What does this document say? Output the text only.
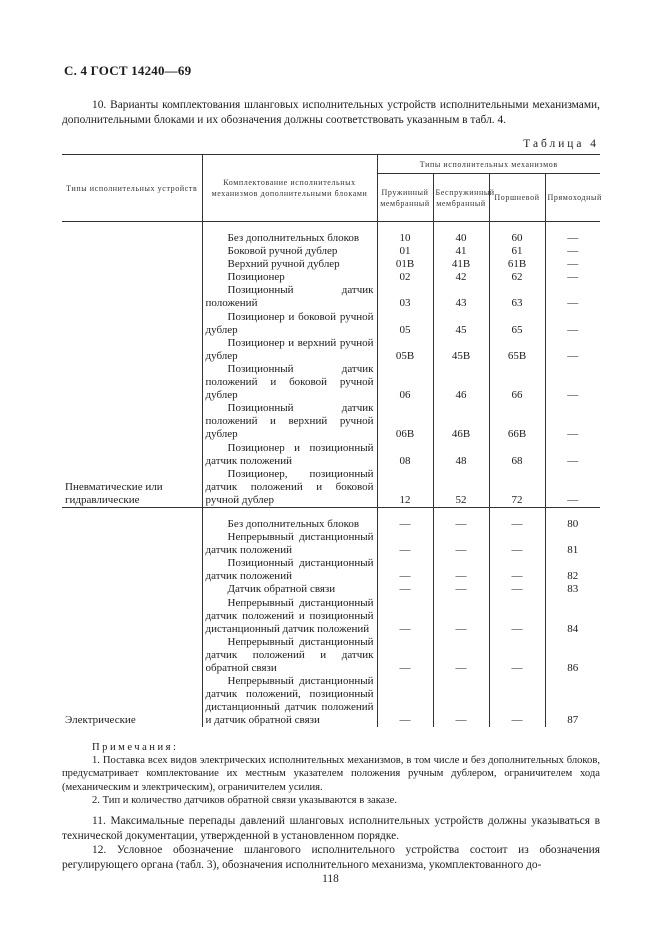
С. 4 ГОСТ 14240—69
10. Варианты комплектования шланговых исполнительных устройств исполнительными механизмами, дополнительными блоками и их обозначения должны соответствовать указанным в табл. 4.
Таблица 4
Типы исполнительных устройств	Комплектование исполнительных механизмов дополнительными блоками	Типы исполнительных механизмов			
		Пружинный мембранный	Беспружинный мембранный	Поршневой	Прямоходный

Пневматические или гидравлические	Без дополнительных блоков	10	40	60	—

	Боковой ручной дублер	01	41	61	—

	Верхний ручной дублер	01В	41В	61В	—

	Позиционер	02	42	62	—

	Позиционный датчик положений	03	43	63	—

	Позиционер и боковой ручной дублер	05	45	65	—

	Позиционер и верхний ручной дублер	05В	45В	65В	—

	Позиционный датчик положений и боковой ручной дублер	06	46	66	—

	Позиционный датчик положений и верхний ручной дублер	06В	46В	66В	—

	Позиционер и позиционный датчик положений	08	48	68	—

	Позиционер, позиционный датчик положений и боковой ручной дублер	12	52	72	—

Электрические	Без дополнительных блоков	—	—	—	80

	Непрерывный дистанционный датчик положений	—	—	—	81

	Позиционный дистанционный датчик положений	—	—	—	82

	Датчик обратной связи	—	—	—	83

	Непрерывный дистанционный датчик положений и позиционный дистанционный датчик положений	—	—	—	84

	Непрерывный дистанционный датчик положений и датчик обратной связи	—	—	—	86

	Непрерывный дистанционный датчик положений, позиционный дистанционный датчик положений и датчик обратной связи	—	—	—	87
Примечания:
1. Поставка всех видов электрических исполнительных механизмов, в том числе и без дополнительных блоков, предусматривает комплектование их местным указателем положения ручным дублером, ограничителем хода (механическим и электрическим), ограничителем усилия.
2. Тип и количество датчиков обратной связи указываются в заказе.
11. Максимальные перепады давлений шланговых исполнительных устройств должны указываться в технической документации, утвержденной в установленном порядке.
12. Условное обозначение шлангового исполнительного устройства состоит из обозначения регулирующего органа (табл. 3), обозначения исполнительного механизма, укомплектованного до-
118
